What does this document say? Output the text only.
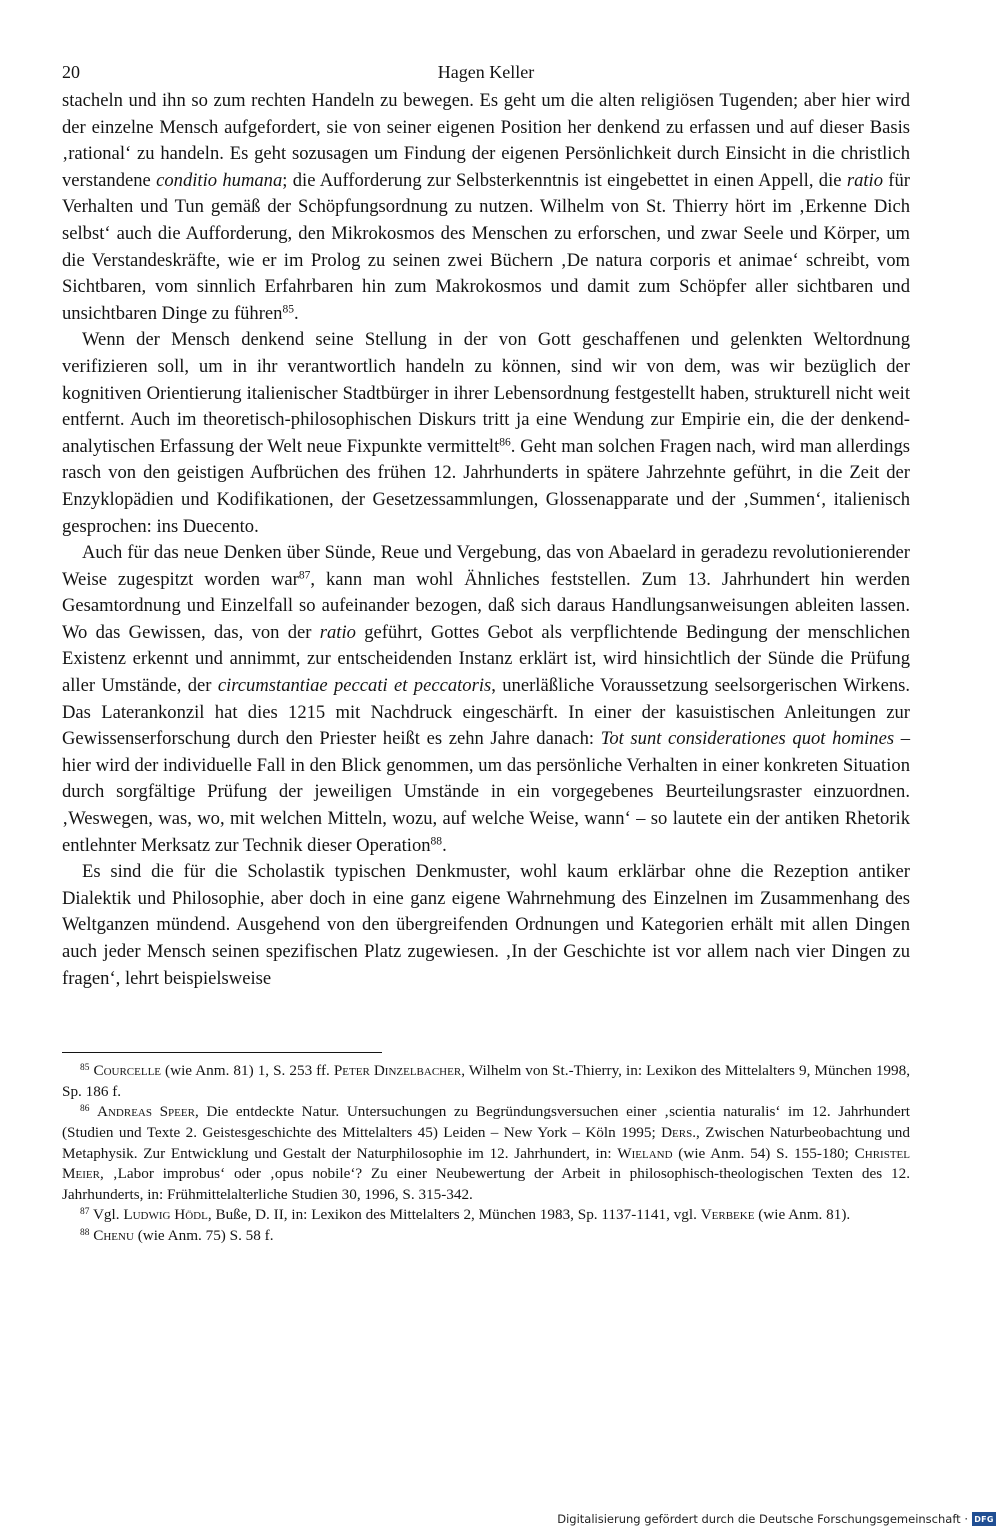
20	Hagen Keller

stacheln und ihn so zum rechten Handeln zu bewegen. Es geht um die alten religiösen Tugenden; aber hier wird der einzelne Mensch aufgefordert, sie von seiner eigenen Position her denkend zu erfassen und auf dieser Basis ‚rational‘ zu handeln. Es geht sozusagen um Findung der eigenen Persönlichkeit durch Einsicht in die christlich verstandene conditio humana; die Aufforderung zur Selbsterkenntnis ist eingebettet in einen Appell, die ratio für Verhalten und Tun gemäß der Schöpfungsordnung zu nutzen. Wilhelm von St. Thierry hört im ‚Erkenne Dich selbst‘ auch die Aufforderung, den Mikrokosmos des Menschen zu erforschen, und zwar Seele und Körper, um die Verstandeskräfte, wie er im Prolog zu seinen zwei Büchern ‚De natura corporis et animae‘ schreibt, vom Sichtbaren, vom sinnlich Erfahrbaren hin zum Makrokosmos und damit zum Schöpfer aller sichtbaren und unsichtbaren Dinge zu führen$^{85}$.

Wenn der Mensch denkend seine Stellung in der von Gott geschaffenen und gelenkten Weltordnung verifizieren soll, um in ihr verantwortlich handeln zu können, sind wir von dem, was wir bezüglich der kognitiven Orientierung italienischer Stadtbürger in ihrer Lebensordnung festgestellt haben, strukturell nicht weit entfernt. Auch im theoretisch-philosophischen Diskurs tritt ja eine Wendung zur Empirie ein, die der denkend-analytischen Erfassung der Welt neue Fixpunkte vermittelt$^{86}$. Geht man solchen Fragen nach, wird man allerdings rasch von den geistigen Aufbrüchen des frühen 12. Jahrhunderts in spätere Jahrzehnte geführt, in die Zeit der Enzyklopädien und Kodifikationen, der Gesetzessammlungen, Glossenapparate und der ‚Summen‘, italienisch gesprochen: ins Duecento.

Auch für das neue Denken über Sünde, Reue und Vergebung, das von Abaelard in geradezu revolutionierender Weise zugespitzt worden war$^{87}$, kann man wohl Ähnliches feststellen. Zum 13. Jahrhundert hin werden Gesamtordnung und Einzelfall so aufeinander bezogen, daß sich daraus Handlungsanweisungen ableiten lassen. Wo das Gewissen, das, von der ratio geführt, Gottes Gebot als verpflichtende Bedingung der menschlichen Existenz erkennt und annimmt, zur entscheidenden Instanz erklärt ist, wird hinsichtlich der Sünde die Prüfung aller Umstände, der circumstantiae peccati et peccatoris, unerläßliche Voraussetzung seelsorgerischen Wirkens. Das Laterankonzil hat dies 1215 mit Nachdruck eingeschärft. In einer der kasuistischen Anleitungen zur Gewissenserforschung durch den Priester heißt es zehn Jahre danach: Tot sunt considerationes quot homines – hier wird der individuelle Fall in den Blick genommen, um das persönliche Verhalten in einer konkreten Situation durch sorgfältige Prüfung der jeweiligen Umstände in ein vorgegebenes Beurteilungsraster einzuordnen. ‚Weswegen, was, wo, mit welchen Mitteln, wozu, auf welche Weise, wann‘ – so lautete ein der antiken Rhetorik entlehnter Merksatz zur Technik dieser Operation$^{88}$.

Es sind die für die Scholastik typischen Denkmuster, wohl kaum erklärbar ohne die Rezeption antiker Dialektik und Philosophie, aber doch in eine ganz eigene Wahrnehmung des Einzelnen im Zusammenhang des Weltganzen mündend. Ausgehend von den übergreifenden Ordnungen und Kategorien erhält mit allen Dingen auch jeder Mensch seinen spezifischen Platz zugewiesen. ‚In der Geschichte ist vor allem nach vier Dingen zu fragen‘, lehrt beispielsweise

$^{85}$ Courcelle (wie Anm. 81) 1, S. 253 ff. Peter Dinzelbacher, Wilhelm von St.-Thierry, in: Lexikon des Mittelalters 9, München 1998, Sp. 186 f.

$^{86}$ Andreas Speer, Die entdeckte Natur. Untersuchungen zu Begründungsversuchen einer ‚scientia naturalis‘ im 12. Jahrhundert (Studien und Texte 2. Geistesgeschichte des Mittelalters 45) Leiden – New York – Köln 1995; Ders., Zwischen Naturbeobachtung und Metaphysik. Zur Entwicklung und Gestalt der Naturphilosophie im 12. Jahrhundert, in: Wieland (wie Anm. 54) S. 155-180; Christel Meier, ‚Labor improbus‘ oder ‚opus nobile‘? Zu einer Neubewertung der Arbeit in philosophisch-theologischen Texten des 12. Jahrhunderts, in: Frühmittelalterliche Studien 30, 1996, S. 315-342.

$^{87}$ Vgl. Ludwig Hödl, Buße, D. II, in: Lexikon des Mittelalters 2, München 1983, Sp. 1137-1141, vgl. Verbeke (wie Anm. 81).

$^{88}$ Chenu (wie Anm. 75) S. 58 f.

Digitalisierung gefördert durch die Deutsche Forschungsgemeinschaft · DFG
